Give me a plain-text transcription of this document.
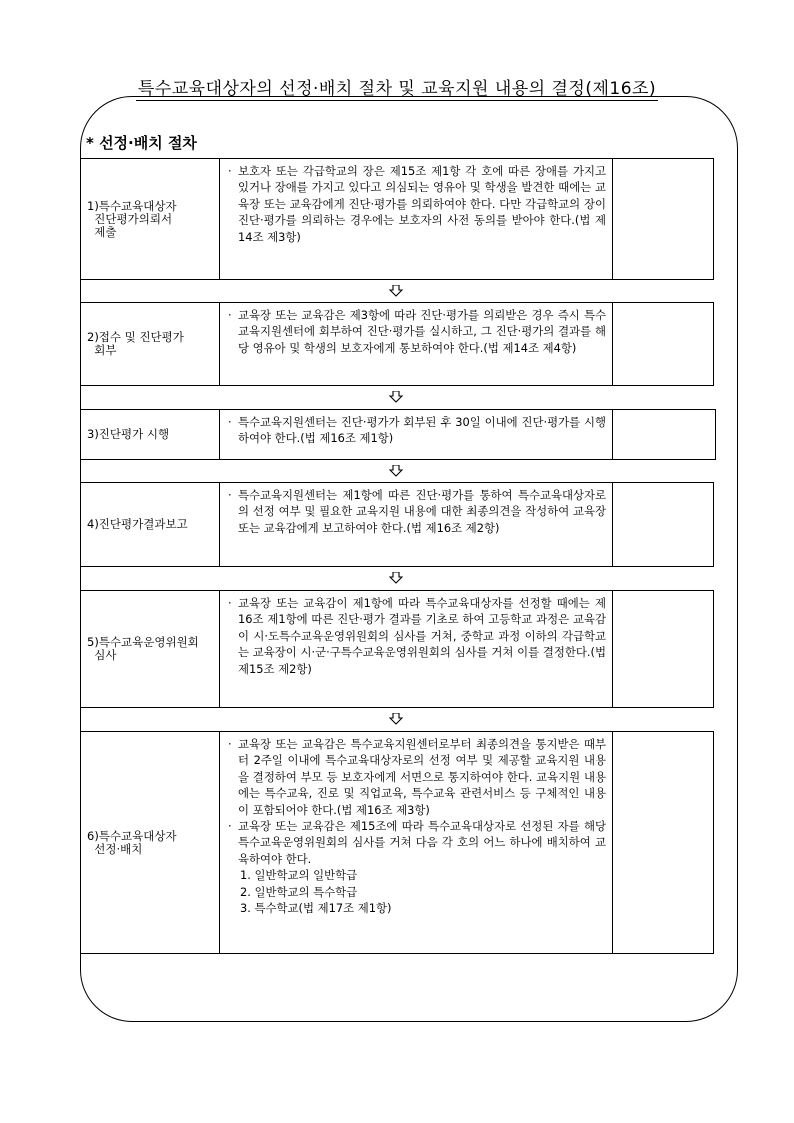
특수교육대상자의 선정·배치 절차 및 교육지원 내용의 결정(제16조)
* 선정·배치 절차
1)특수교육대상자
진단평가의뢰서
제출
· 보호자 또는 각급학교의 장은 제15조 제1항 각 호에 따른 장애를 가지고 있거나 장애를 가지고 있다고 의심되는 영유아 및 학생을 발견한 때에는 교육장 또는 교육감에게 진단·평가를 의뢰하여야 한다. 다만 각급학교의 장이 진단·평가를 의뢰하는 경우에는 보호자의 사전 동의를 받아야 한다.(법 제14조 제3항)
2)접수 및 진단평가
회부
· 교육장 또는 교육감은 제3항에 따라 진단·평가를 의뢰받은 경우 즉시 특수교육지원센터에 회부하여 진단·평가를 실시하고, 그 진단·평가의 결과를 해당 영유아 및 학생의 보호자에게 통보하여야 한다.(법 제14조 제4항)
3)진단평가 시행
· 특수교육지원센터는 진단·평가가 회부된 후 30일 이내에 진단·평가를 시행하여야 한다.(법 제16조 제1항)
4)진단평가결과보고
· 특수교육지원센터는 제1항에 따른 진단·평가를 통하여 특수교육대상자로의 선정 여부 및 필요한 교육지원 내용에 대한 최종의견을 작성하여 교육장 또는 교육감에게 보고하여야 한다.(법 제16조 제2항)
5)특수교육운영위원회
심사
· 교육장 또는 교육감이 제1항에 따라 특수교육대상자를 선정할 때에는 제16조 제1항에 따른 진단·평가 결과를 기초로 하여 고등학교 과정은 교육감이 시·도특수교육운영위원회의 심사를 거쳐, 중학교 과정 이하의 각급학교는 교육장이 시·군·구특수교육운영위원회의 심사를 거쳐 이를 결정한다.(법 제15조 제2항)
6)특수교육대상자
선정·배치
· 교육장 또는 교육감은 특수교육지원센터로부터 최종의견을 통지받은 때부터 2주일 이내에 특수교육대상자로의 선정 여부 및 제공할 교육지원 내용을 결정하여 부모 등 보호자에게 서면으로 통지하여야 한다. 교육지원 내용에는 특수교육, 진로 및 직업교육, 특수교육 관련서비스 등 구체적인 내용이 포함되어야 한다.(법 제16조 제3항)
· 교육장 또는 교육감은 제15조에 따라 특수교육대상자로 선정된 자를 해당 특수교육운영위원회의 심사를 거쳐 다음 각 호의 어느 하나에 배치하여 교육하여야 한다.
1. 일반학교의 일반학급
2. 일반학교의 특수학급
3. 특수학교(법 제17조 제1항)
